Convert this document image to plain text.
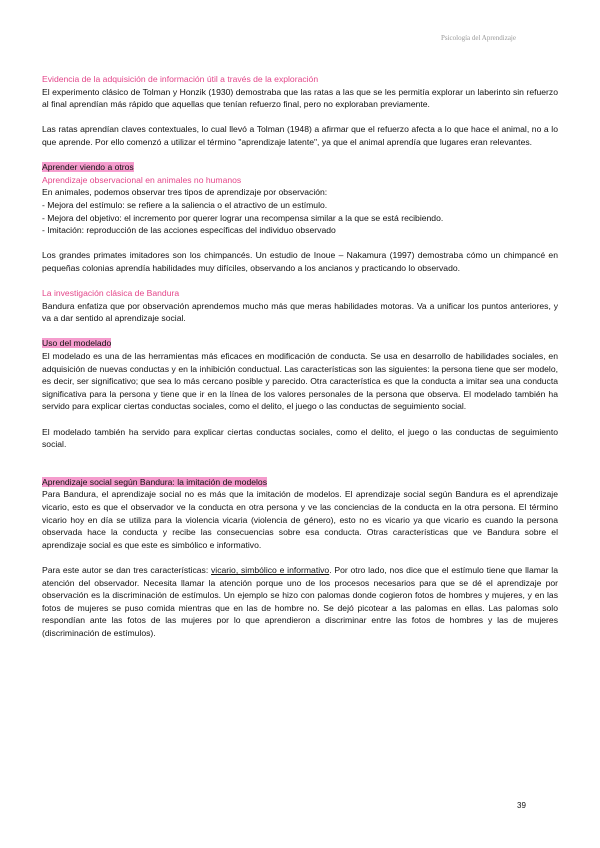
Psicología del Aprendizaje
Evidencia de la adquisición de información útil a través de la exploración

El experimento clásico de Tolman y Honzik (1930) demostraba que las ratas a las que se les permitía explorar un laberinto sin refuerzo al final aprendían más rápido que aquellas que tenían refuerzo final, pero no exploraban previamente.

Las ratas aprendían claves contextuales, lo cual llevó a Tolman (1948) a afirmar que el refuerzo afecta a lo que hace el animal, no a lo que aprende. Por ello comenzó a utilizar el término "aprendizaje latente", ya que el animal aprendía que lugares eran relevantes.

Aprender viendo a otros
Aprendizaje observacional en animales no humanos

En animales, podemos observar tres tipos de aprendizaje por observación:

- Mejora del estímulo: se refiere a la saliencia o el atractivo de un estímulo.

- Mejora del objetivo: el incremento por querer lograr una recompensa similar a la que se está recibiendo.

- Imitación: reproducción de las acciones específicas del individuo observado

Los grandes primates imitadores son los chimpancés. Un estudio de Inoue – Nakamura (1997) demostraba cómo un chimpancé en pequeñas colonias aprendía habilidades muy difíciles, observando a los ancianos y practicando lo observado.

La investigación clásica de Bandura

Bandura enfatiza que por observación aprendemos mucho más que meras habilidades motoras. Va a unificar los puntos anteriores, y va a dar sentido al aprendizaje social.

Uso del modelado

El modelado es una de las herramientas más eficaces en modificación de conducta. Se usa en desarrollo de habilidades sociales, en adquisición de nuevas conductas y en la inhibición conductual. Las características son las siguientes: la persona tiene que ser modelo, es decir, ser significativo; que sea lo más cercano posible y parecido. Otra característica es que la conducta a imitar sea una conducta significativa para la persona y tiene que ir en la línea de los valores personales de la persona que observa. El modelado también ha servido para explicar ciertas conductas sociales, como el delito, el juego o las conductas de seguimiento social.

El modelado también ha servido para explicar ciertas conductas sociales, como el delito, el juego o las conductas de seguimiento social.

Aprendizaje social según Bandura: la imitación de modelos

Para Bandura, el aprendizaje social no es más que la imitación de modelos. El aprendizaje social según Bandura es el aprendizaje vicario, esto es que el observador ve la conducta en otra persona y ve las conciencias de la conducta en la otra persona. El término vicario hoy en día se utiliza para la violencia vicaria (violencia de género), esto no es vicario ya que vicario es cuando la persona observada hace la conducta y recibe las consecuencias sobre esa conducta. Otras características que ve Bandura sobre el aprendizaje social es que este es simbólico e informativo.

Para este autor se dan tres características: vicario, simbólico e informativo. Por otro lado, nos dice que el estímulo tiene que llamar la atención del observador. Necesita llamar la atención porque uno de los procesos necesarios para que se dé el aprendizaje por observación es la discriminación de estímulos. Un ejemplo se hizo con palomas donde cogieron fotos de hombres y mujeres, y en las fotos de mujeres se puso comida mientras que en las de hombre no. Se dejó picotear a las palomas en ellas. Las palomas solo respondían ante las fotos de las mujeres por lo que aprendieron a discriminar entre las fotos de hombres y las de mujeres (discriminación de estímulos).

39
